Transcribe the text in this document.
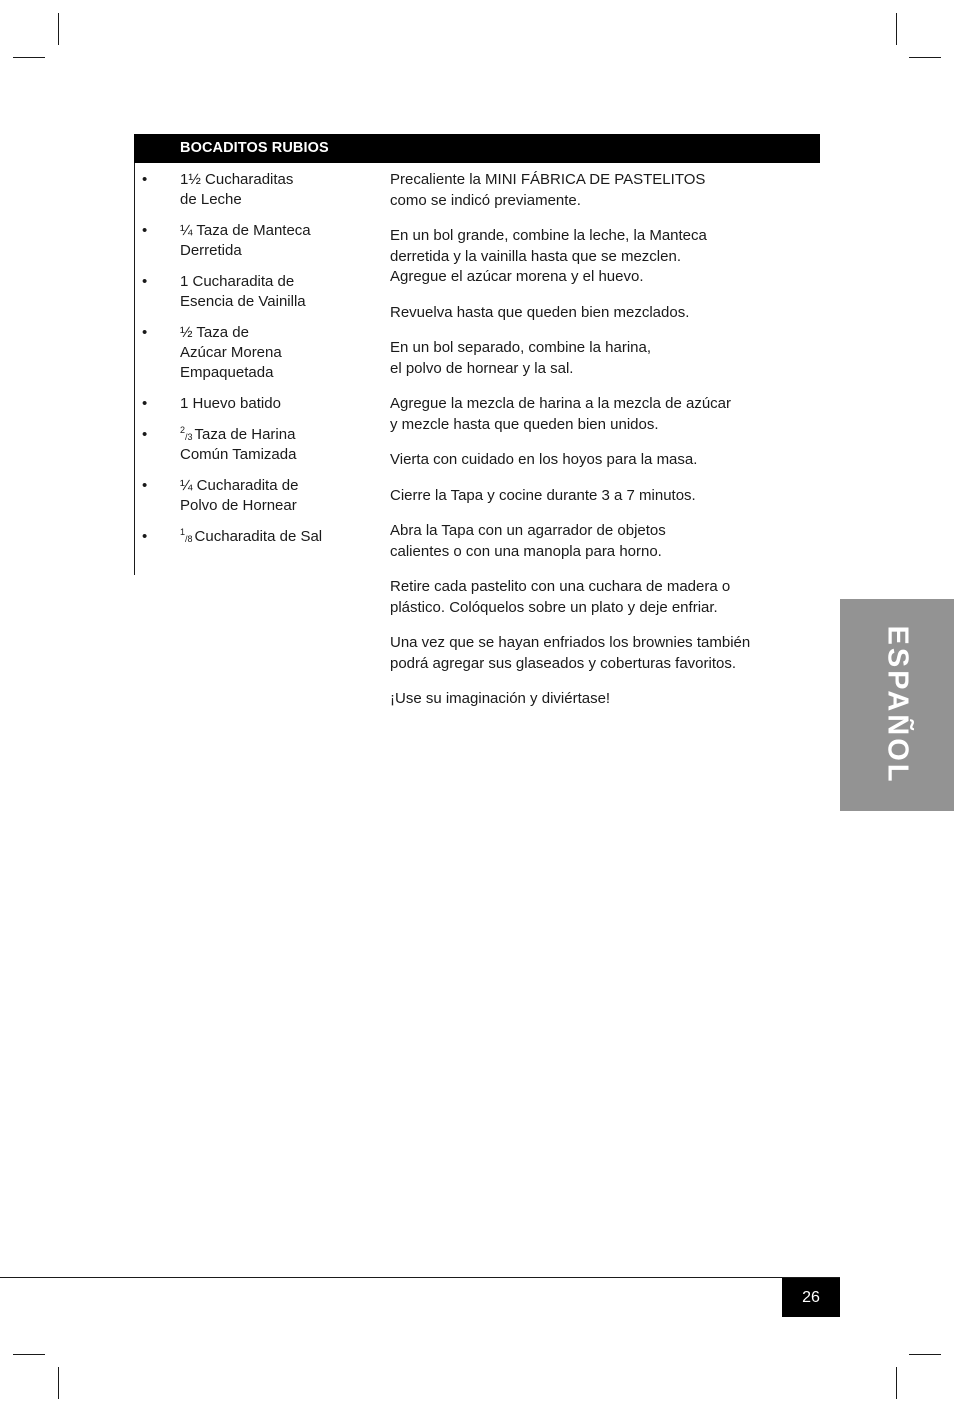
BOCADITOS RUBIOS
• 1½ Cucharaditas
de Leche
• ¼ Taza de Manteca
Derretida
• 1 Cucharadita de
Esencia de Vainilla
• ½ Taza de
Azúcar Morena
Empaquetada
• 1 Huevo batido
•	$^2_{/3}$ Taza de Harina
Común Tamizada
• ¼ Cucharadita de
Polvo de Hornear
•	$^1_{/8}$ Cucharadita de Sal
Precaliente la MINI FÁBRICA DE PASTELITOS
como se indicó previamente.
En un bol grande, combine la leche, la Manteca
derretida y la vainilla hasta que se mezclen.
Agregue el azúcar morena y el huevo.
Revuelva hasta que queden bien mezclados.
En un bol separado, combine la harina,
el polvo de hornear y la sal.
Agregue la mezcla de harina a la mezcla de azúcar
y mezcle hasta que queden bien unidos.
Vierta con cuidado en los hoyos para la masa.
Cierre la Tapa y cocine durante 3 a 7 minutos.
Abra la Tapa con un agarrador de objetos
calientes o con una manopla para horno.
Retire cada pastelito con una cuchara de madera o
plástico. Colóquelos sobre un plato y deje enfriar.
Una vez que se hayan enfriados los brownies también
podrá agregar sus glaseados y coberturas favoritos.
¡Use su imaginación y diviértase!	ESPAÑOL
26
